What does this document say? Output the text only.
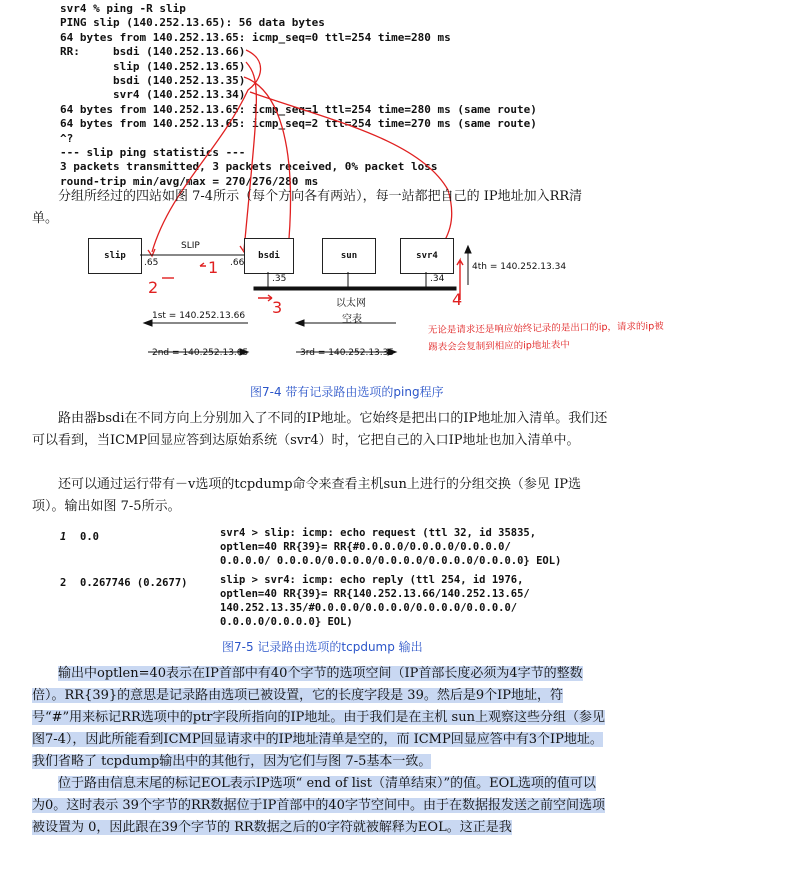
svr4 % ping -R slip
PING slip (140.252.13.65): 56 data bytes
64 bytes from 140.252.13.65: icmp_seq=0 ttl=254 time=280 ms
RR:     bsdi (140.252.13.66)
slip (140.252.13.65)
bsdi (140.252.13.35)
svr4 (140.252.13.34)
64 bytes from 140.252.13.65: icmp_seq=1 ttl=254 time=280 ms (same route)
64 bytes from 140.252.13.65: icmp_seq=2 ttl=254 time=270 ms (same route)
^?
--- slip ping statistics ---
3 packets transmitted, 3 packets received, 0% packet loss
round-trip min/avg/max = 270/276/280 ms

分组所经过的四站如图 7-4所示（每个方向各有两站），每一站都把自己的 IP地址加入RR清单。

slip	bsdi	sun	svr4
SLIP
.65	.66
.35	.34
4th = 140.252.13.34
以太网
空表
1st = 140.252.13.66
2nd = 140.252.13.65	3rd = 140.252.13.35
1
2
3	4
无论是请求还是响应始终记录的是出口的ip，请求的ip被
踢表会会复制到相应的ip地址表中
图7-4 带有记录路由选项的ping程序

路由器bsdi在不同方向上分别加入了不同的IP地址。它始终是把出口的IP地址加入清单。我们还可以看到，当ICMP回显应答到达原始系统（svr4）时，它把自己的入口IP地址也加入清单中。

还可以通过运行带有－v选项的tcpdump命令来查看主机sun上进行的分组交换（参见 IP选项）。输出如图 7-5所示。

1 0.0	svr4 > slip: icmp: echo request (ttl 32, id 35835,
optlen=40 RR{39}= RR{#0.0.0.0/0.0.0.0/0.0.0.0/
0.0.0.0/ 0.0.0.0/0.0.0.0/0.0.0.0/0.0.0.0/0.0.0.0} EOL)
2 0.267746 (0.2677)	slip > svr4: icmp: echo reply (ttl 254, id 1976,
optlen=40 RR{39}= RR{140.252.13.66/140.252.13.65/
140.252.13.35/#0.0.0.0/0.0.0.0/0.0.0.0/0.0.0.0/
0.0.0.0/0.0.0.0} EOL)
图7-5 记录路由选项的tcpdump 输出

输出中optlen=40表示在IP首部中有40个字节的选项空间（IP首部长度必须为4字节的整数倍）。RR{39}的意思是记录路由选项已被设置，它的长度字段是 39。然后是9个IP地址，符号“#”用来标记RR选项中的ptr字段所指向的IP地址。由于我们是在主机 sun上观察这些分组（参见图7-4），因此所能看到ICMP回显请求中的IP地址清单是空的，而 ICMP回显应答中有3个IP地址。我们省略了 tcpdump输出中的其他行，因为它们与图 7-5基本一致。

位于路由信息末尾的标记EOL表示IP选项“ end of list（清单结束）”的值。EOL选项的值可以为0。这时表示 39个字节的RR数据位于IP首部中的40字节空间中。由于在数据报发送之前空间选项被设置为 0，因此跟在39个字节的 RR数据之后的0字符就被解释为EOL。这正是我
